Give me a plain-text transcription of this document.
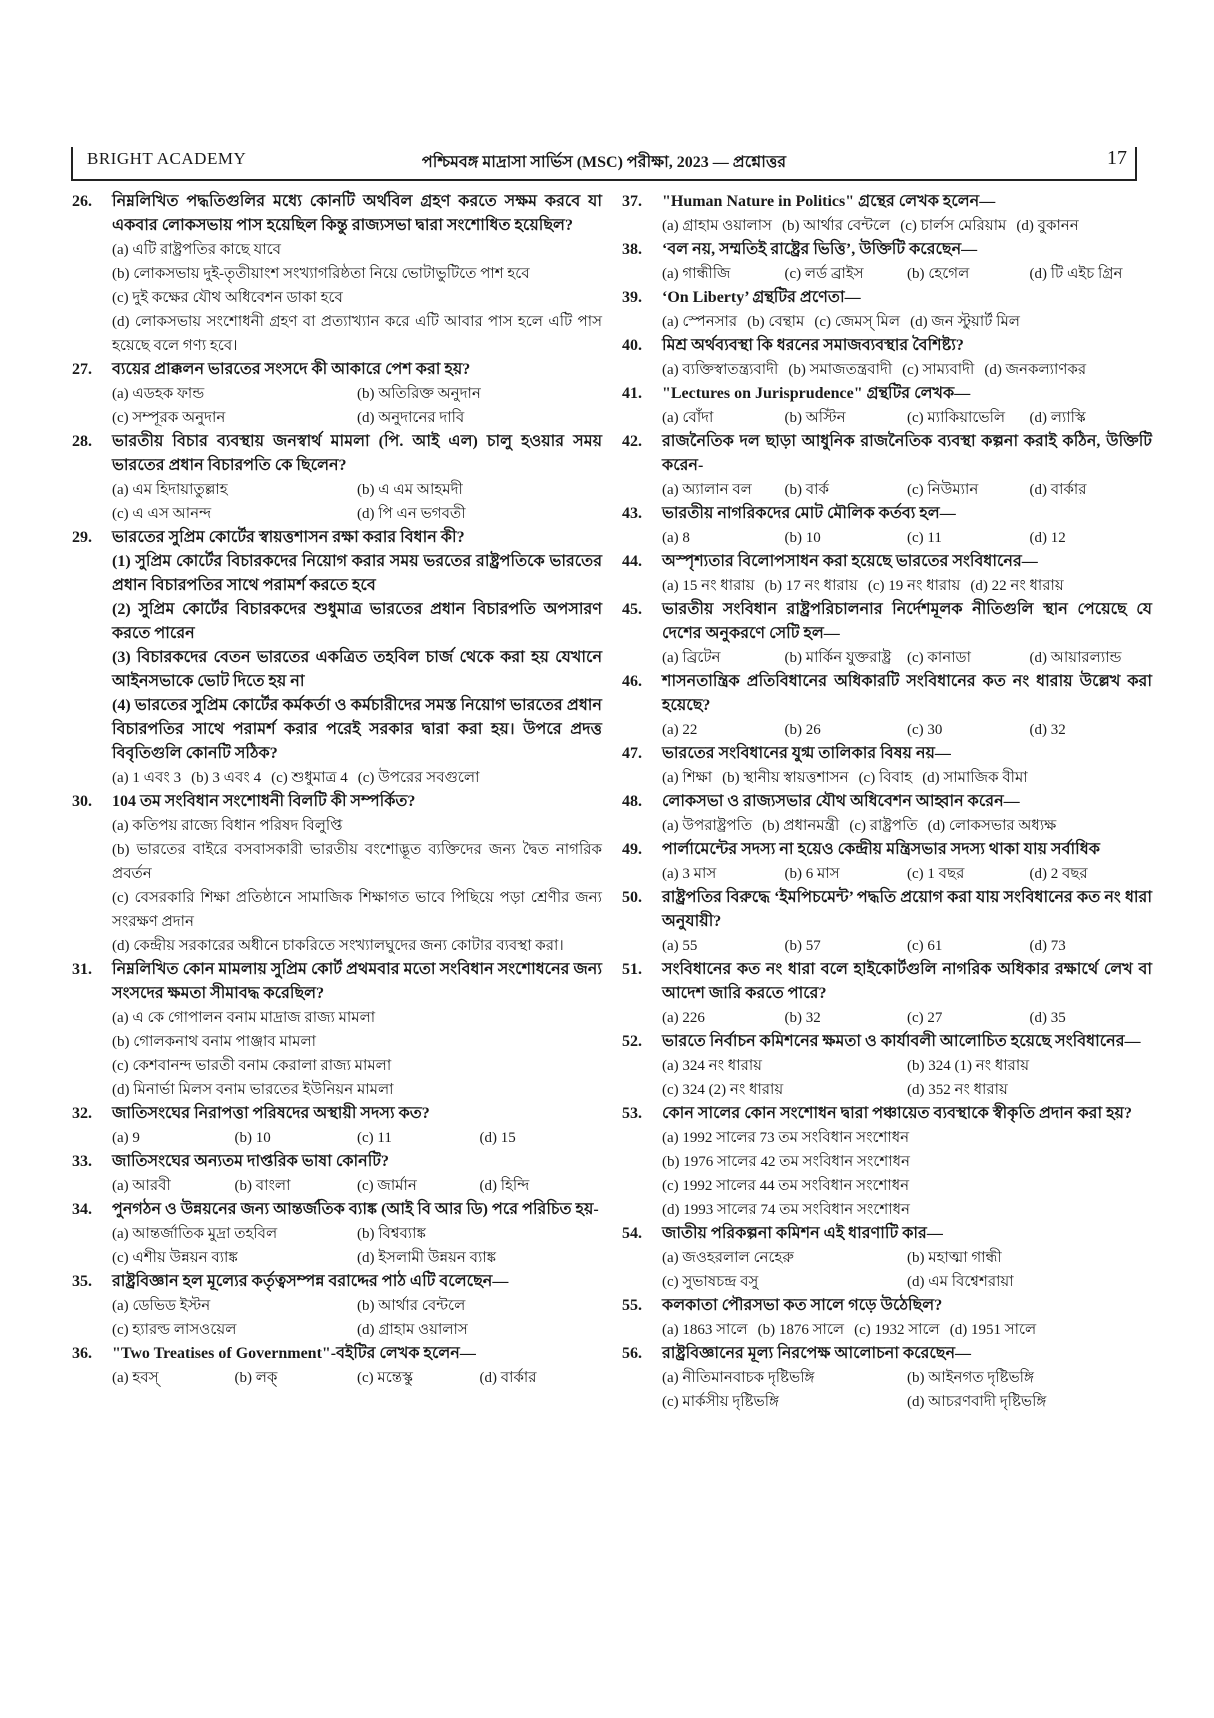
BRIGHT ACADEMY	পশ্চিমবঙ্গ মাদ্রাসা সার্ভিস (MSC) পরীক্ষা, 2023 — প্রশ্নোত্তর	17
26.	নিম্নলিখিত পদ্ধতিগুলির মধ্যে কোনটি অর্থবিল গ্রহণ করতে সক্ষম করবে যা একবার লোকসভায় পাস হয়েছিল কিন্তু রাজ্যসভা দ্বারা সংশোধিত হয়েছিল?
(a) এটি রাষ্ট্রপতির কাছে যাবে
(b) লোকসভায় দুই-তৃতীয়াংশ সংখ্যাগরিষ্ঠতা নিয়ে ভোটাভুটিতে পাশ হবে
(c) দুই কক্ষের যৌথ অধিবেশন ডাকা হবে
(d) লোকসভায় সংশোধনী গ্রহণ বা প্রত্যাখ্যান করে এটি আবার পাস হলে এটি পাস হয়েছে বলে গণ্য হবে।
27.	ব্যয়ের প্রাক্কলন ভারতের সংসদে কী আকারে পেশ করা হয়?
(a) এডহক ফান্ড	(b) অতিরিক্ত অনুদান
(c) সম্পূরক অনুদান	(d) অনুদানের দাবি
28.	ভারতীয় বিচার ব্যবস্থায় জনস্বার্থ মামলা (পি. আই এল) চালু হওয়ার সময় ভারতের প্রধান বিচারপতি কে ছিলেন?
(a) এম হিদায়াতুল্লাহ	(b) এ এম আহমদী
(c) এ এস আনন্দ	(d) পি এন ভগবতী
29.	ভারতের সুপ্রিম কোর্টের স্বায়ত্তশাসন রক্ষা করার বিধান কী?
(1) সুপ্রিম কোর্টের বিচারকদের নিয়োগ করার সময় ভরতের রাষ্ট্রপতিকে ভারতের প্রধান বিচারপতির সাথে পরামর্শ করতে হবে
(2) সুপ্রিম কোর্টের বিচারকদের শুধুমাত্র ভারতের প্রধান বিচারপতি অপসারণ করতে পারেন
(3) বিচারকদের বেতন ভারতের একত্রিত তহবিল চার্জ থেকে করা হয় যেখানে আইনসভাকে ভোট দিতে হয় না
(4) ভারতের সুপ্রিম কোর্টের কর্মকর্তা ও কর্মচারীদের সমস্ত নিয়োগ ভারতের প্রধান বিচারপতির সাথে পরামর্শ করার পরেই সরকার দ্বারা করা হয়। উপরে প্রদত্ত বিবৃতিগুলি কোনটি সঠিক?
(a) 1 এবং 3 (b) 3 এবং 4 (c) শুধুমাত্র 4 (c) উপরের সবগুলো
30.	104 তম সংবিধান সংশোধনী বিলটি কী সম্পর্কিত?
(a) কতিপয় রাজ্যে বিধান পরিষদ বিলুপ্তি
(b) ভারতের বাইরে বসবাসকারী ভারতীয় বংশোদ্ভূত ব্যক্তিদের জন্য দ্বৈত নাগরিক প্রবর্তন
(c) বেসরকারি শিক্ষা প্রতিষ্ঠানে সামাজিক শিক্ষাগত ভাবে পিছিয়ে পড়া শ্রেণীর জন্য সংরক্ষণ প্রদান
(d) কেন্দ্রীয় সরকারের অধীনে চাকরিতে সংখ্যালঘুদের জন্য কোটার ব্যবস্থা করা।
31.	নিম্নলিখিত কোন মামলায় সুপ্রিম কোর্ট প্রথমবার মতো সংবিধান সংশোধনের জন্য সংসদের ক্ষমতা সীমাবদ্ধ করেছিল?
(a) এ কে গোপালন বনাম মাদ্রাজ রাজ্য মামলা
(b) গোলকনাথ বনাম পাঞ্জাব মামলা
(c) কেশবানন্দ ভারতী বনাম কেরালা রাজ্য মামলা
(d) মিনার্ভা মিলস বনাম ভারতের ইউনিয়ন মামলা
32.	জাতিসংঘের নিরাপত্তা পরিষদের অস্থায়ী সদস্য কত?
(a) 9	(b) 10	(c) 11	(d) 15
33.	জাতিসংঘের অন্যতম দাপ্তরিক ভাষা কোনটি?
(a) আরবী	(b) বাংলা	(c) জার্মান	(d) হিন্দি
34.	পুনগঠন ও উন্নয়নের জন্য আন্তর্জতিক ব্যাঙ্ক (আই বি আর ডি) পরে পরিচিত হয়-
(a) আন্তর্জাতিক মুদ্রা তহবিল	(b) বিশ্বব্যাঙ্ক
(c) এশীয় উন্নয়ন ব্যাঙ্ক	(d) ইসলামী উন্নয়ন ব্যাঙ্ক
35.	রাষ্ট্রবিজ্ঞান হল মূল্যের কর্তৃত্বসম্পন্ন বরাদ্দের পাঠ এটি বলেছেন—
(a) ডেভিড ইস্টন	(b) আর্থার বেন্টলে
(c) হ্যারল্ড লাসওয়েল	(d) গ্রাহাম ওয়ালাস
36.	"Two Treatises of Government"-বইটির লেখক হলেন—
(a) হবস্	(b) লক্	(c) মন্তেস্কু	(d) বার্কার
37.	"Human Nature in Politics" গ্রন্থের লেখক হলেন—
(a) গ্রাহাম ওয়ালাস (b) আর্থার বেন্টলে (c) চার্লস মেরিয়াম (d) বুকানন
38.	‘বল নয়, সম্মতিই রাষ্ট্রের ভিত্তি’, উক্তিটি করেছেন—
(a) গান্ধীজি	(c) লর্ড ব্রাইস	(b) হেগেল	(d) টি এইচ গ্রিন
39.	‘On Liberty’ গ্রন্থটির প্রণেতা—
(a) স্পেনসার (b) বেন্থাম (c) জেমস্ মিল (d) জন স্টুয়ার্ট মিল
40.	মিশ্র অর্থব্যবস্থা কি ধরনের সমাজব্যবস্থার বৈশিষ্ট্য?
(a) ব্যক্তিস্বাতন্ত্র্যবাদী (b) সমাজতন্ত্রবাদী (c) সাম্যবাদী (d) জনকল্যাণকর
41.	"Lectures on Jurisprudence" গ্রন্থটির লেখক—
(a) বোঁদা	(b) অস্টিন	(c) ম্যাকিয়াভেলি	(d) ল্যাস্কি
42.	রাজনৈতিক দল ছাড়া আধুনিক রাজনৈতিক ব্যবস্থা কল্পনা করাই কঠিন, উক্তিটি করেন-
(a) অ্যালান বল	(b) বার্ক	(c) নিউম্যান	(d) বার্কার
43.	ভারতীয় নাগরিকদের মোট মৌলিক কর্তব্য হল—
(a) 8	(b) 10	(c) 11	(d) 12
44.	অস্পৃশ্যতার বিলোপসাধন করা হয়েছে ভারতের সংবিধানের—
(a) 15 নং ধারায় (b) 17 নং ধারায় (c) 19 নং ধারায় (d) 22 নং ধারায়
45.	ভারতীয় সংবিধান রাষ্ট্রপরিচালনার নির্দেশমূলক নীতিগুলি স্থান পেয়েছে যে দেশের অনুকরণে সেটি হল—
(a) ব্রিটেন	(b) মার্কিন যুক্তরাষ্ট্র	(c) কানাডা	(d) আয়ারল্যান্ড
46.	শাসনতান্ত্রিক প্রতিবিধানের অধিকারটি সংবিধানের কত নং ধারায় উল্লেখ করা হয়েছে?
(a) 22	(b) 26	(c) 30	(d) 32
47.	ভারতের সংবিধানের যুগ্ম তালিকার বিষয় নয়—
(a) শিক্ষা (b) স্থানীয় স্বায়ত্তশাসন (c) বিবাহ (d) সামাজিক বীমা
48.	লোকসভা ও রাজ্যসভার যৌথ অধিবেশন আহ্বান করেন—
(a) উপরাষ্ট্রপতি (b) প্রধানমন্ত্রী (c) রাষ্ট্রপতি (d) লোকসভার অধ্যক্ষ
49.	পার্লামেন্টের সদস্য না হয়েও কেন্দ্রীয় মন্ত্রিসভার সদস্য থাকা যায় সর্বাধিক
(a) 3 মাস	(b) 6 মাস	(c) 1 বছর	(d) 2 বছর
50.	রাষ্ট্রপতির বিরুদ্ধে ‘ইমপিচমেন্ট’ পদ্ধতি প্রয়োগ করা যায় সংবিধানের কত নং ধারা অনুযায়ী?
(a) 55	(b) 57	(c) 61	(d) 73
51.	সংবিধানের কত নং ধারা বলে হাইকোর্টগুলি নাগরিক অধিকার রক্ষার্থে লেখ বা আদেশ জারি করতে পারে?
(a) 226	(b) 32	(c) 27	(d) 35
52.	ভারতে নির্বাচন কমিশনের ক্ষমতা ও কার্যাবলী আলোচিত হয়েছে সংবিধানের—
(a) 324 নং ধারায়	(b) 324 (1) নং ধারায়
(c) 324 (2) নং ধারায়	(d) 352 নং ধারায়
53.	কোন সালের কোন সংশোধন দ্বারা পঞ্চায়েত ব্যবস্থাকে স্বীকৃতি প্রদান করা হয়?
(a) 1992 সালের 73 তম সংবিধান সংশোধন
(b) 1976 সালের 42 তম সংবিধান সংশোধন
(c) 1992 সালের 44 তম সংবিধান সংশোধন
(d) 1993 সালের 74 তম সংবিধান সংশোধন
54.	জাতীয় পরিকল্পনা কমিশন এই ধারণাটি কার—
(a) জওহরলাল নেহেরু	(b) মহাত্মা গান্ধী
(c) সুভাষচন্দ্র বসু	(d) এম বিশ্বেশরায়া
55.	কলকাতা পৌরসভা কত সালে গড়ে উঠেছিল?
(a) 1863 সালে (b) 1876 সালে (c) 1932 সালে (d) 1951 সালে
56.	রাষ্ট্রবিজ্ঞানের মূল্য নিরপেক্ষ আলোচনা করেছেন—
(a) নীতিমানবাচক দৃষ্টিভঙ্গি	(b) আইনগত দৃষ্টিভঙ্গি
(c) মার্কসীয় দৃষ্টিভঙ্গি	(d) আচরণবাদী দৃষ্টিভঙ্গি
